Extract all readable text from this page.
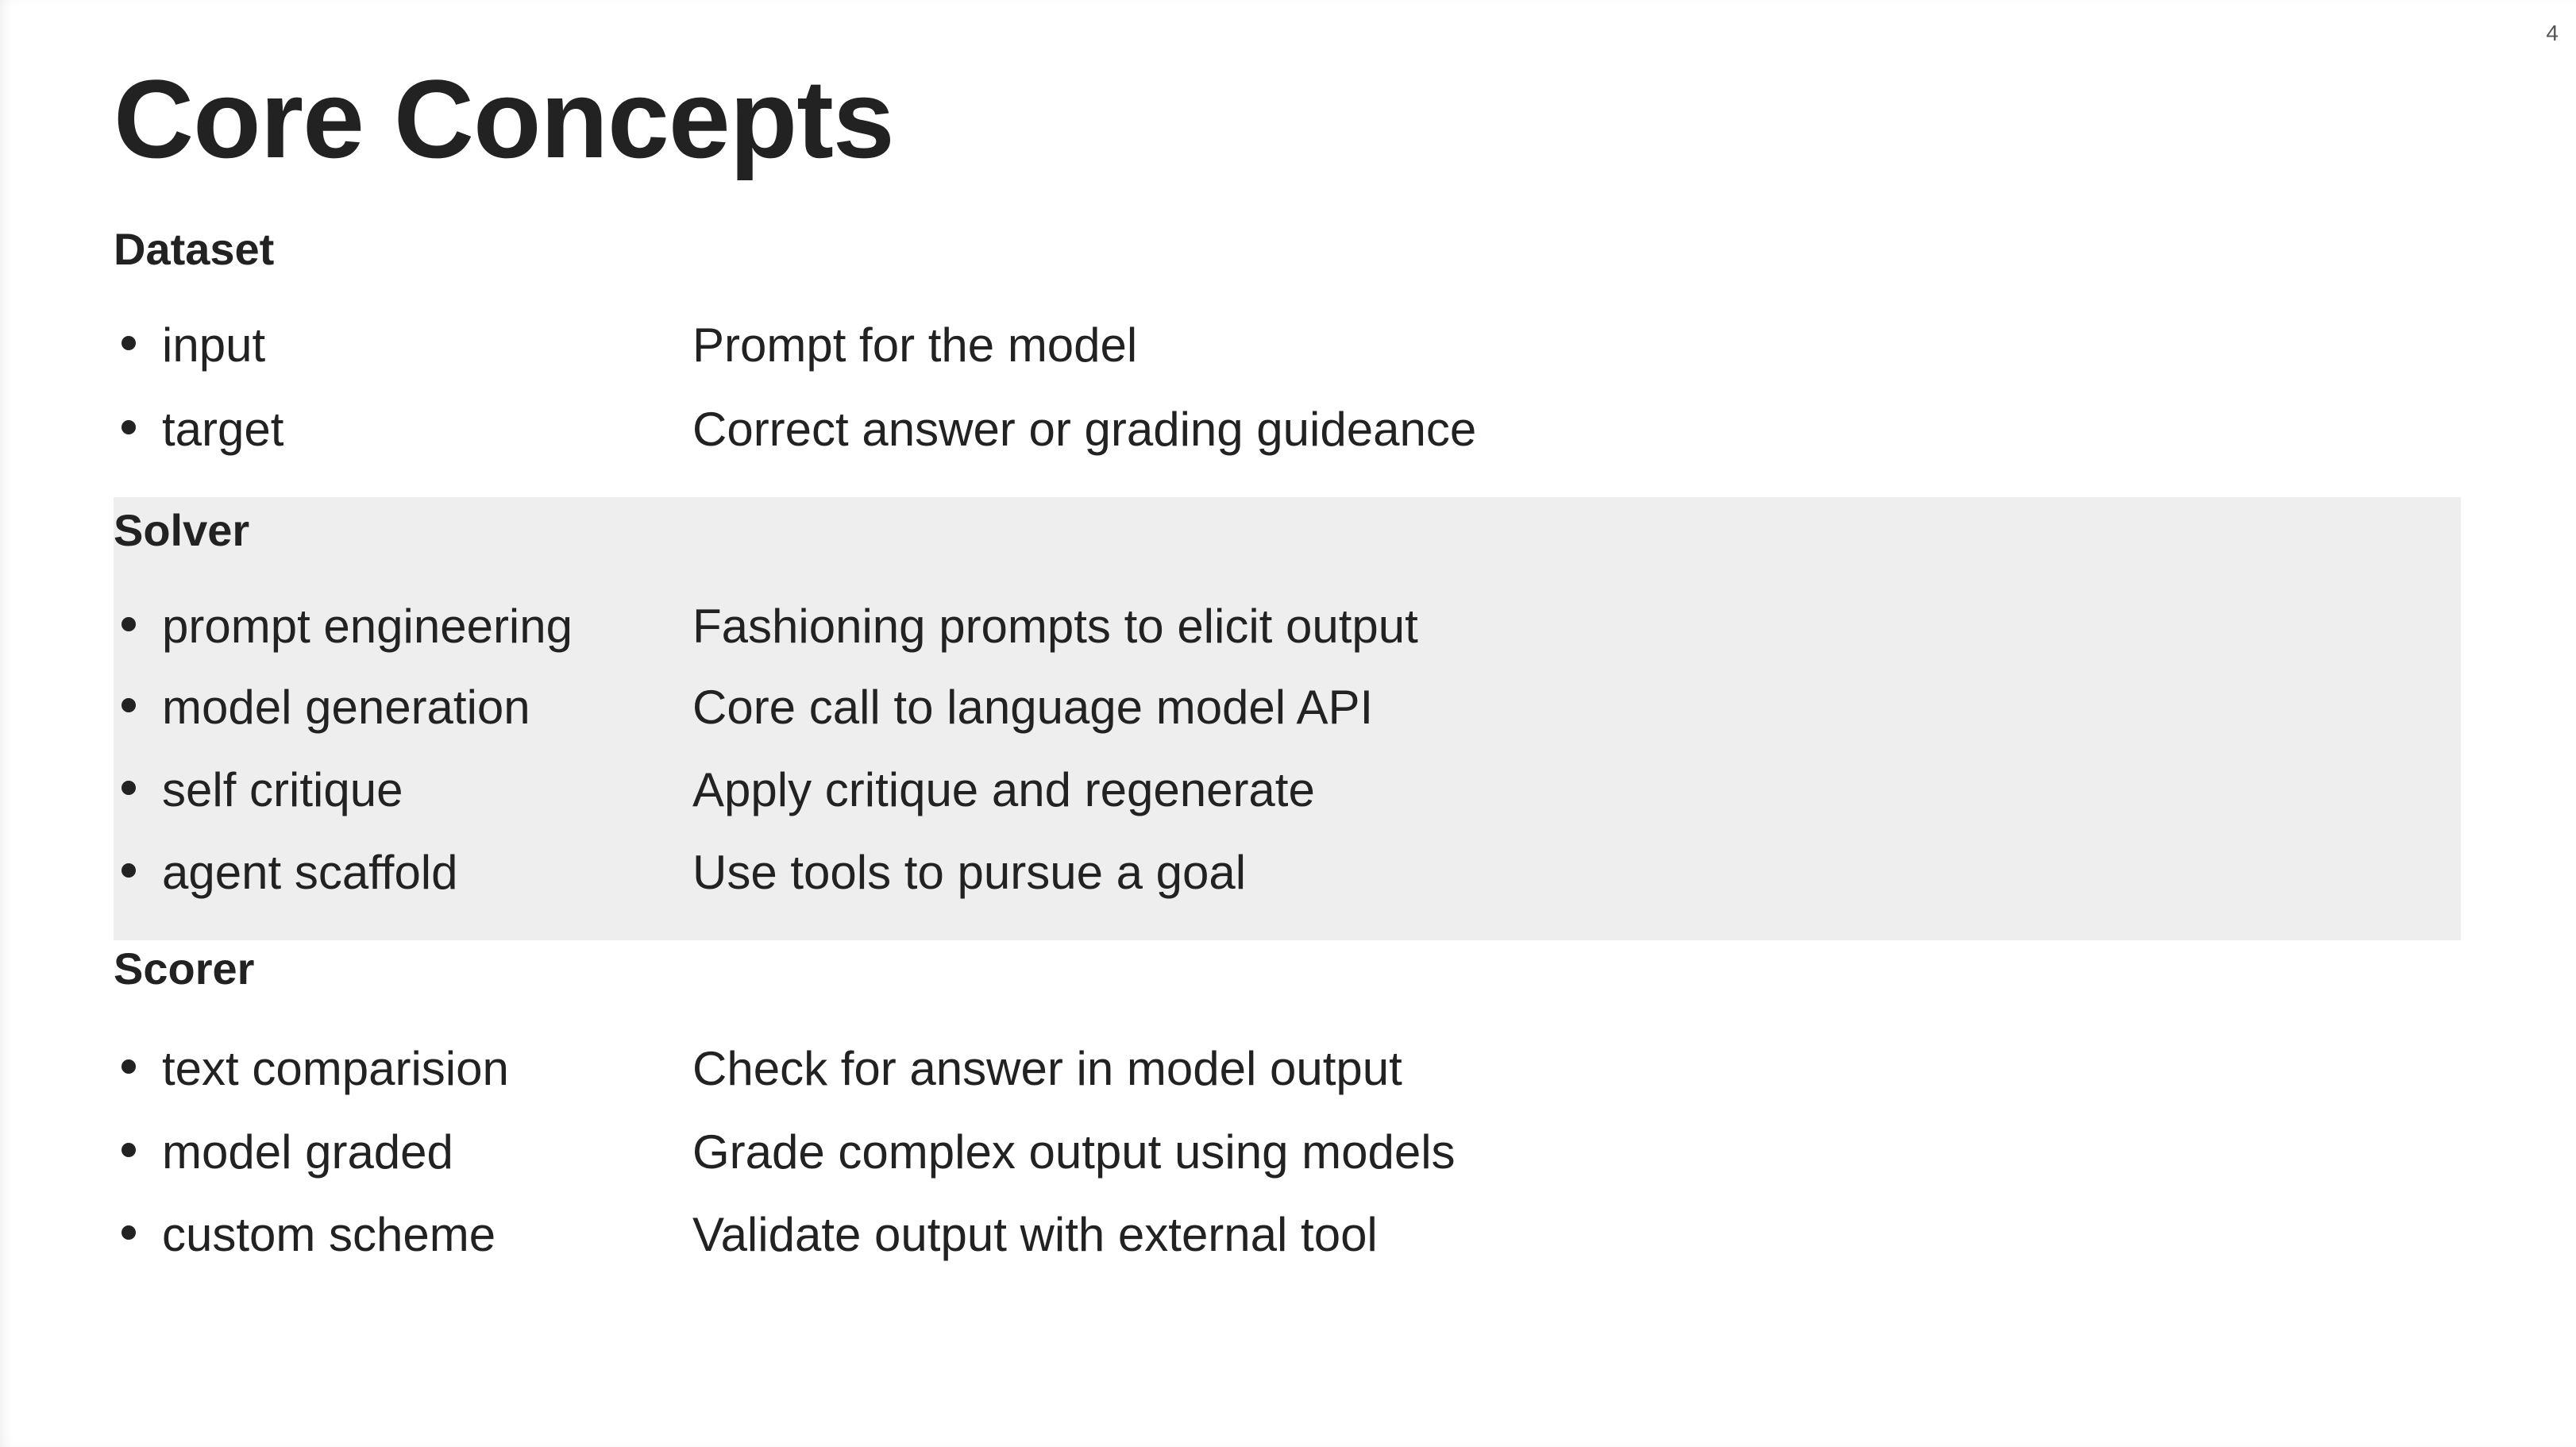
4
Core Concepts
Dataset
input	Prompt for the model
target	Correct answer or grading guideance
Solver
prompt engineering	Fashioning prompts to elicit output
model generation	Core call to language model API
self critique	Apply critique and regenerate
agent scaffold	Use tools to pursue a goal
Scorer
text comparision	Check for answer in model output
model graded	Grade complex output using models
custom scheme	Validate output with external tool
